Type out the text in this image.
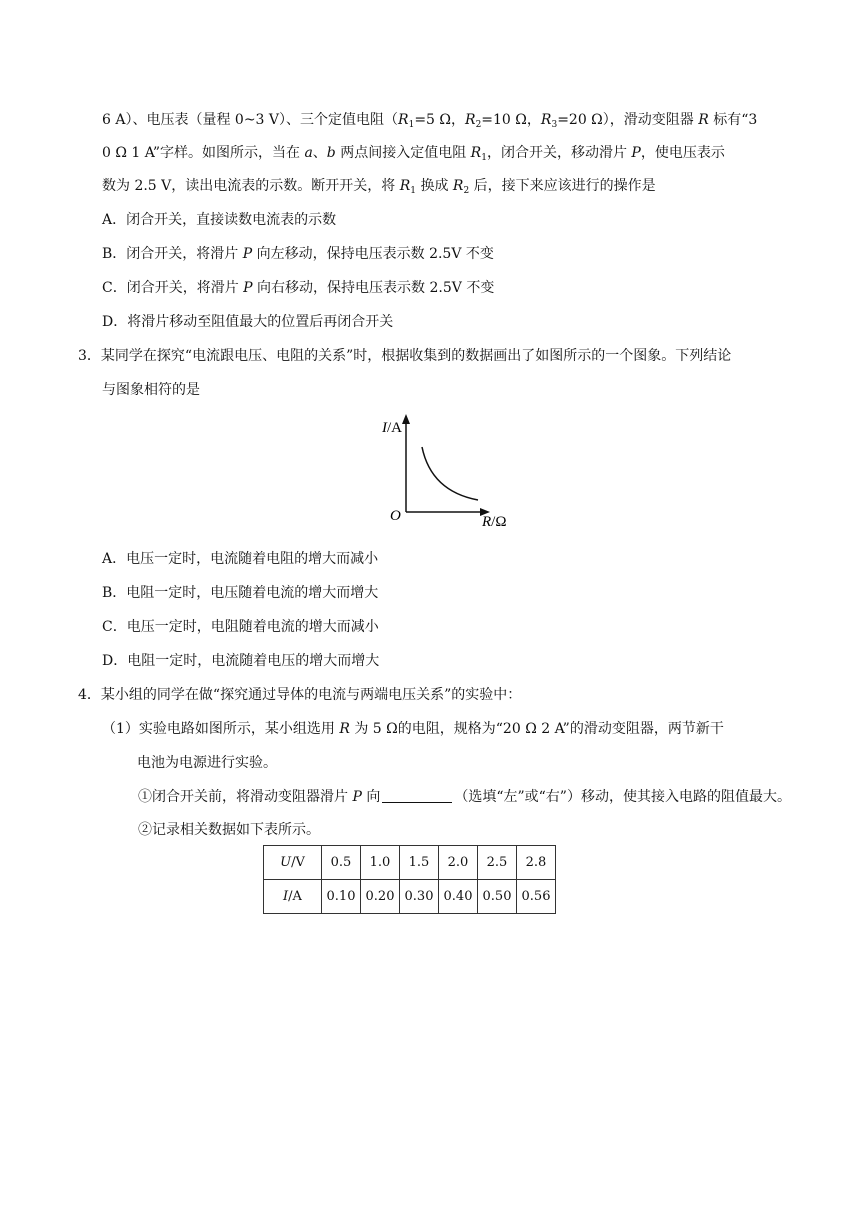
6 A）、电压表（量程 0~3 V）、三个定值电阻（$R_1=5$ Ω，$R_2=10$ Ω，$R_3=20$ Ω），滑动变阻器 R 标有“3
0 Ω 1 A”字样。如图所示，当在 a、b 两点间接入定值电阻 $R_1$，闭合开关，移动滑片 P，使电压表示
数为 2.5 V，读出电流表的示数。断开开关，将 $R_1$ 换成 $R_2$ 后，接下来应该进行的操作是
A．闭合开关，直接读数电流表的示数
B．闭合开关，将滑片 P 向左移动，保持电压表示数 2.5V 不变
C．闭合开关，将滑片 P 向右移动，保持电压表示数 2.5V 不变
D．将滑片移动至阻值最大的位置后再闭合开关
3．某同学在探究“电流跟电压、电阻的关系”时，根据收集到的数据画出了如图所示的一个图象。下列结论
与图象相符的是
I/A
O	R/Ω
A．电压一定时，电流随着电阻的增大而减小
B．电阻一定时，电压随着电流的增大而增大
C．电压一定时，电阻随着电流的增大而减小
D．电阻一定时，电流随着电压的增大而增大
4．某小组的同学在做“探究通过导体的电流与两端电压关系”的实验中：
（1）实验电路如图所示，某小组选用 R 为 5 Ω的电阻，规格为“20 Ω 2 A”的滑动变阻器，两节新干
电池为电源进行实验。
①闭合开关前，将滑动变阻器滑片 P 向	（选填“左”或“右”）移动，使其接入电路的阻值最大。
②记录相关数据如下表所示。
U/V	0.5	1.0	1.5	2.0	2.5	2.8
I/A	0.10	0.20	0.30	0.40	0.50	0.56
